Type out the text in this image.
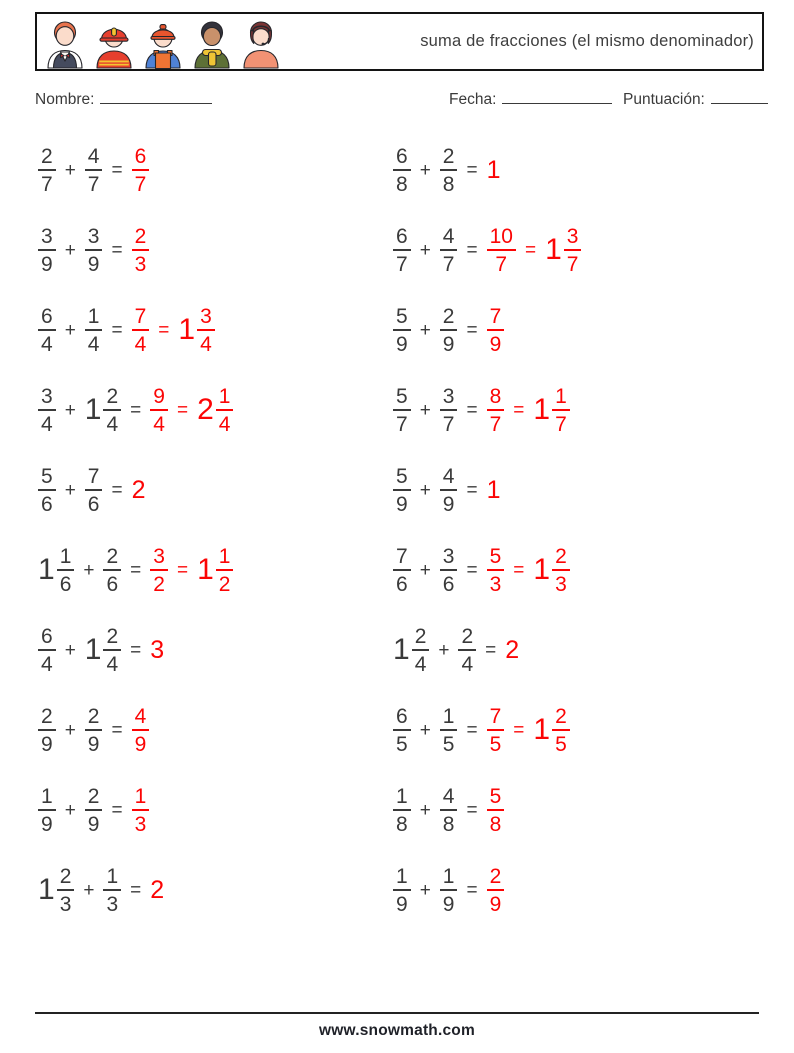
suma de fracciones (el mismo denominador)
Nombre:	Fecha:	Puntuación:
$\frac{2}{7} + \frac{4}{7} = \frac{6}{7}$
$\frac{3}{9} + \frac{3}{9} = \frac{2}{3}$
$\frac{6}{4} + \frac{1}{4} = \frac{7}{4} = 1 \frac{3}{4}$
$\frac{3}{4} + 1 \frac{2}{4} = \frac{9}{4} = 2 \frac{1}{4}$
$\frac{5}{6} + \frac{7}{6} = 2$
$1 \frac{1}{6} + \frac{2}{6} = \frac{3}{2} = 1 \frac{1}{2}$
$\frac{6}{4} + 1 \frac{2}{4} = 3$
$\frac{2}{9} + \frac{2}{9} = \frac{4}{9}$
$\frac{1}{9} + \frac{2}{9} = \frac{1}{3}$
$1 \frac{2}{3} + \frac{1}{3} = 2$
$\frac{6}{8} + \frac{2}{8} = 1$
$\frac{6}{7} + \frac{4}{7} = \frac{10}{7} = 1 \frac{3}{7}$
$\frac{5}{9} + \frac{2}{9} = \frac{7}{9}$
$\frac{5}{7} + \frac{3}{7} = \frac{8}{7} = 1 \frac{1}{7}$
$\frac{5}{9} + \frac{4}{9} = 1$
$\frac{7}{6} + \frac{3}{6} = \frac{5}{3} = 1 \frac{2}{3}$
$1 \frac{2}{4} + \frac{2}{4} = 2$
$\frac{6}{5} + \frac{1}{5} = \frac{7}{5} = 1 \frac{2}{5}$
$\frac{1}{8} + \frac{4}{8} = \frac{5}{8}$
$\frac{1}{9} + \frac{1}{9} = \frac{2}{9}$
www.snowmath.com
